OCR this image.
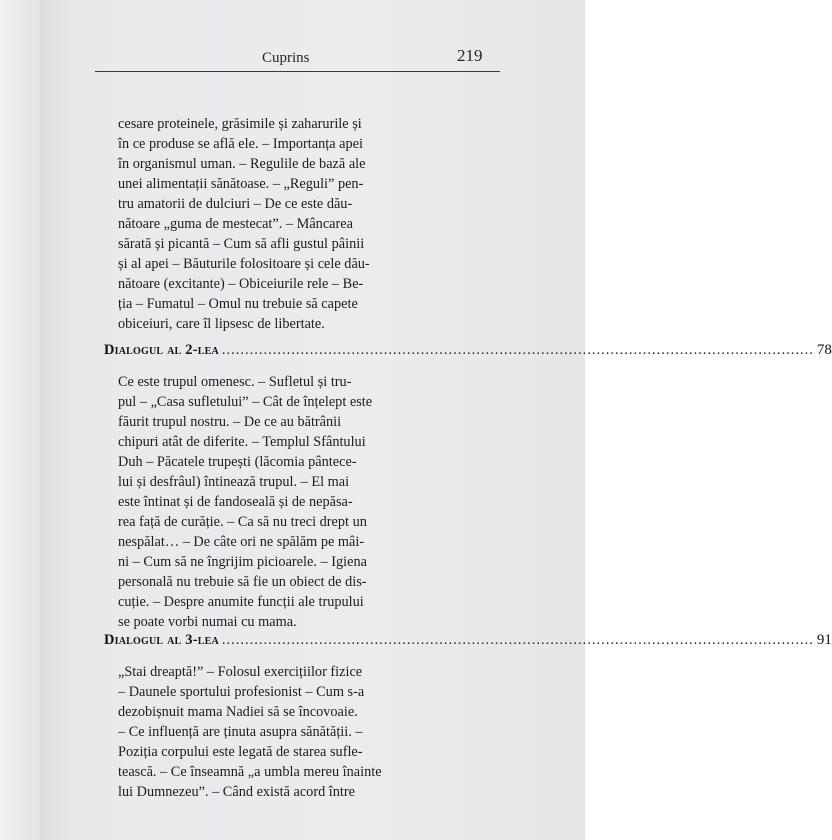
Cuprins	219
cesare proteinele, grăsimile și zaharurile și
în ce produse se află ele. – Importanța apei
în organismul uman. – Regulile de bază ale
unei alimentații sănătoase. – „Reguli” pen-
tru amatorii de dulciuri – De ce este dău-
nătoare „guma de mestecat”. – Mâncarea
sărată și picantă – Cum să afli gustul pâinii
și al apei – Băuturile folositoare și cele dău-
nătoare (excitante) – Obiceiurile rele – Be-
ția – Fumatul – Omul nu trebuie să capete
obiceiuri, care îl lipsesc de libertate.
Dialogul al 2-lea ................................................................................................................................ 78
Ce este trupul omenesc. – Sufletul și tru-
pul – „Casa sufletului” – Cât de înțelept este
făurit trupul nostru. – De ce au bătrânii
chipuri atât de diferite. – Templul Sfântului
Duh – Păcatele trupești (lăcomia pântece-
lui și desfrâul) întinează trupul. – El mai
este întinat și de fandoseală și de nepăsa-
rea față de curăție. – Ca să nu treci drept un
nespălat… – De câte ori ne spălăm pe mâi-
ni – Cum să ne îngrijim picioarele. – Igiena
personală nu trebuie să fie un obiect de dis-
cuție. – Despre anumite funcții ale trupului
se poate vorbi numai cu mama.
Dialogul al 3-lea ................................................................................................................................ 91
„Stai dreaptă!” – Folosul exercițiilor fizice
– Daunele sportului profesionist – Cum s-a
dezobișnuit mama Nadiei să se încovoaie.
– Ce influență are ținuta asupra sănătății. –
Poziția corpului este legată de starea sufle-
tească. – Ce înseamnă „a umbla mereu înainte
lui Dumnezeu”. – Când există acord între
